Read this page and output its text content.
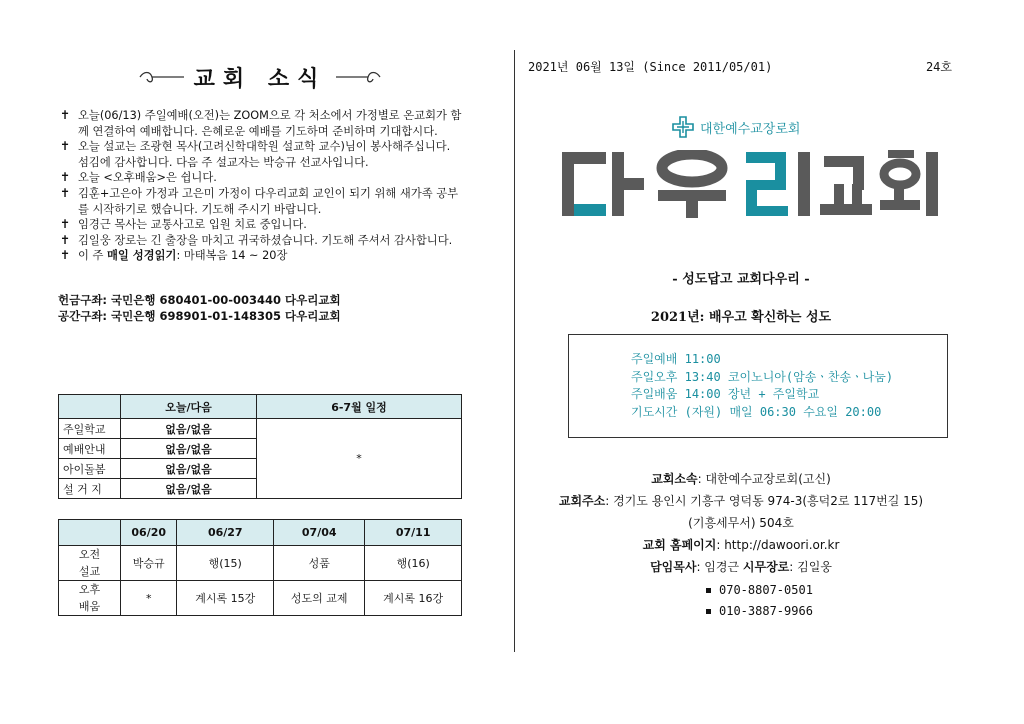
교회 소식
✝ 오늘(06/13) 주일예배(오전)는 ZOOM으로 각 처소에서 가정별로 온교회가 함께 연결하여 예배합니다. 은혜로운 예배를 기도하며 준비하며 기대합시다.
✝ 오늘 설교는 조광현 목사(고려신학대학원 설교학 교수)님이 봉사해주십니다. 섬김에 감사합니다. 다음 주 설교자는 박승규 선교사입니다.
✝ 오늘 <오후배움>은 쉽니다.
✝ 김훈+고은아 가정과 고은미 가정이 다우리교회 교인이 되기 위해 새가족 공부를 시작하기로 했습니다. 기도해 주시기 바랍니다.
✝ 임경근 목사는 교통사고로 입원 치료 중입니다.
✝ 김일웅 장로는 긴 출장을 마치고 귀국하셨습니다. 기도해 주셔서 감사합니다.
✝ 이 주 매일 성경읽기: 마태복음 14 ~ 20장
헌금구좌: 국민은행 680401-00-003440 다우리교회
공간구좌: 국민은행 698901-01-148305 다우리교회
	오늘/다음	6-7월 일정
주일학교	없음/없음	*
예배안내	없음/없음	
아이돌봄	없음/없음	
설 거 지	없음/없음	
	06/20	06/27	07/04	07/11
오전
설교	박승규	행(15)	성품	행(16)
오후
배움	*	계시록 15강	성도의 교제	계시록 16강
2021년 06월 13일 (Since 2011/05/01)	24호
대한예수교장로회
- 성도답고 교회다우리 -
2021년: 배우고 확신하는 성도
주일예배 11:00
주일오후 13:40 코이노니아(암송ㆍ찬송ㆍ나눔)
주일배움 14:00 장년 + 주일학교
기도시간 (자원) 매일 06:30 수요일 20:00
교회소속: 대한예수교장로회(고신)
교회주소: 경기도 용인시 기흥구 영덕동 974-3(흥덕2로 117번길 15)
(기흥세무서) 504호
교회 홈페이지: http://dawoori.or.kr
담임목사: 임경근 시무장로: 김일웅
070-8807-0501
010-3887-9966
